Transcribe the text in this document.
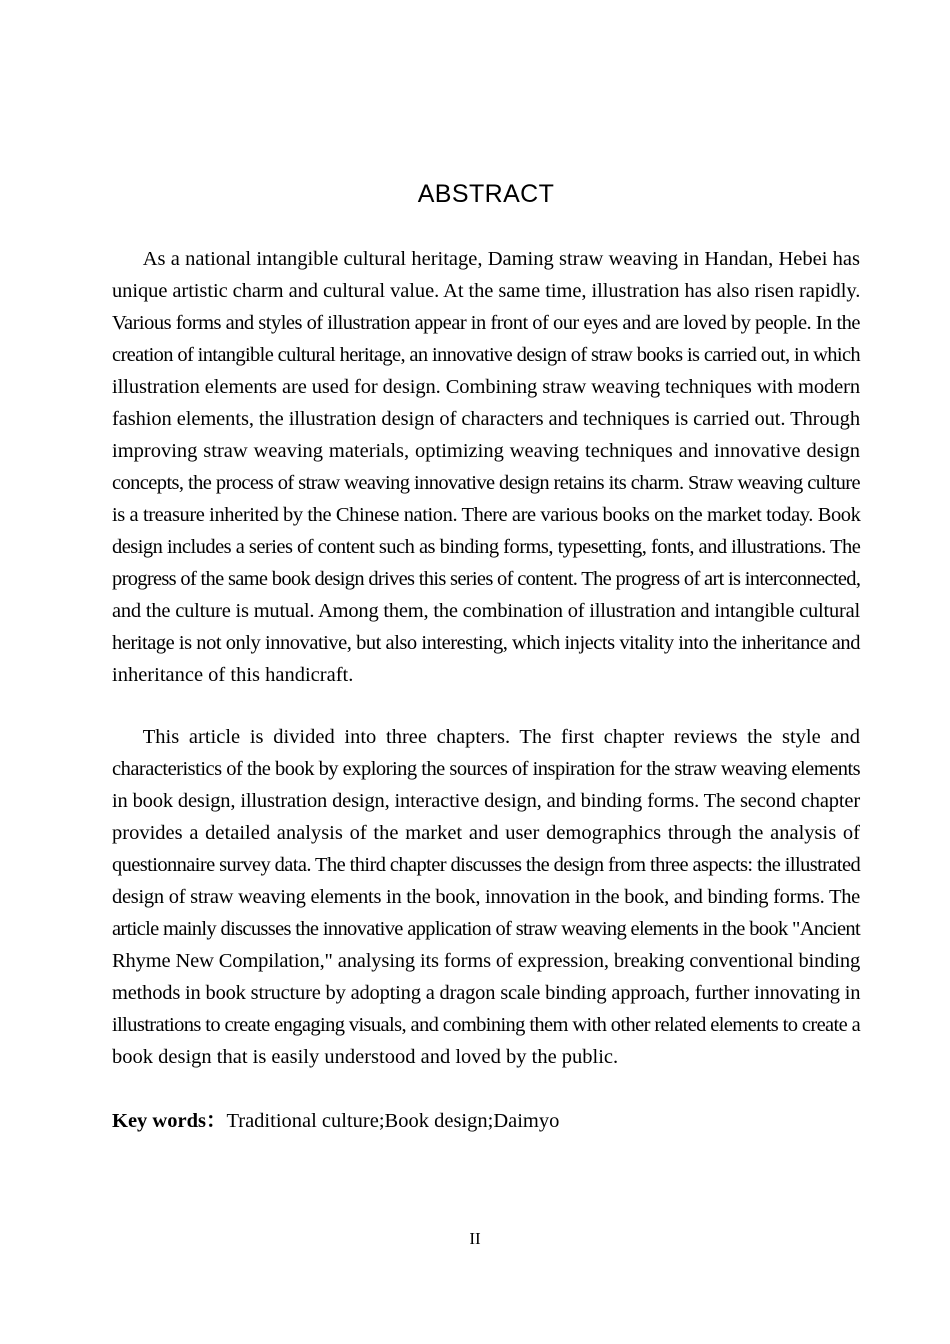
ABSTRACT
  As a national intangible cultural heritage, Daming straw weaving in Handan, Hebei has
unique artistic charm and cultural value. At the same time, illustration has also risen rapidly.
Various forms and styles of illustration appear in front of our eyes and are loved by people. In the
creation of intangible cultural heritage, an innovative design of straw books is carried out, in which
illustration elements are used for design. Combining straw weaving techniques with modern
fashion elements, the illustration design of characters and techniques is carried out. Through
improving straw weaving materials, optimizing weaving techniques and innovative design
concepts, the process of straw weaving innovative design retains its charm. Straw weaving culture
is a treasure inherited by the Chinese nation. There are various books on the market today. Book
design includes a series of content such as binding forms, typesetting, fonts, and illustrations. The
progress of the same book design drives this series of content. The progress of art is interconnected,
and the culture is mutual. Among them, the combination of illustration and intangible cultural
heritage is not only innovative, but also interesting, which injects vitality into the inheritance and
inheritance of this handicraft.
  This article is divided into three chapters. The first chapter reviews the style and
characteristics of the book by exploring the sources of inspiration for the straw weaving elements
in book design, illustration design, interactive design, and binding forms. The second chapter
provides a detailed analysis of the market and user demographics through the analysis of
questionnaire survey data. The third chapter discusses the design from three aspects: the illustrated
design of straw weaving elements in the book, innovation in the book, and binding forms. The
article mainly discusses the innovative application of straw weaving elements in the book "Ancient
Rhyme New Compilation," analysing its forms of expression, breaking conventional binding
methods in book structure by adopting a dragon scale binding approach, further innovating in
illustrations to create engaging visuals, and combining them with other related elements to create a
book design that is easily understood and loved by the public.
Key words：Traditional culture;Book design;Daimyo
II
